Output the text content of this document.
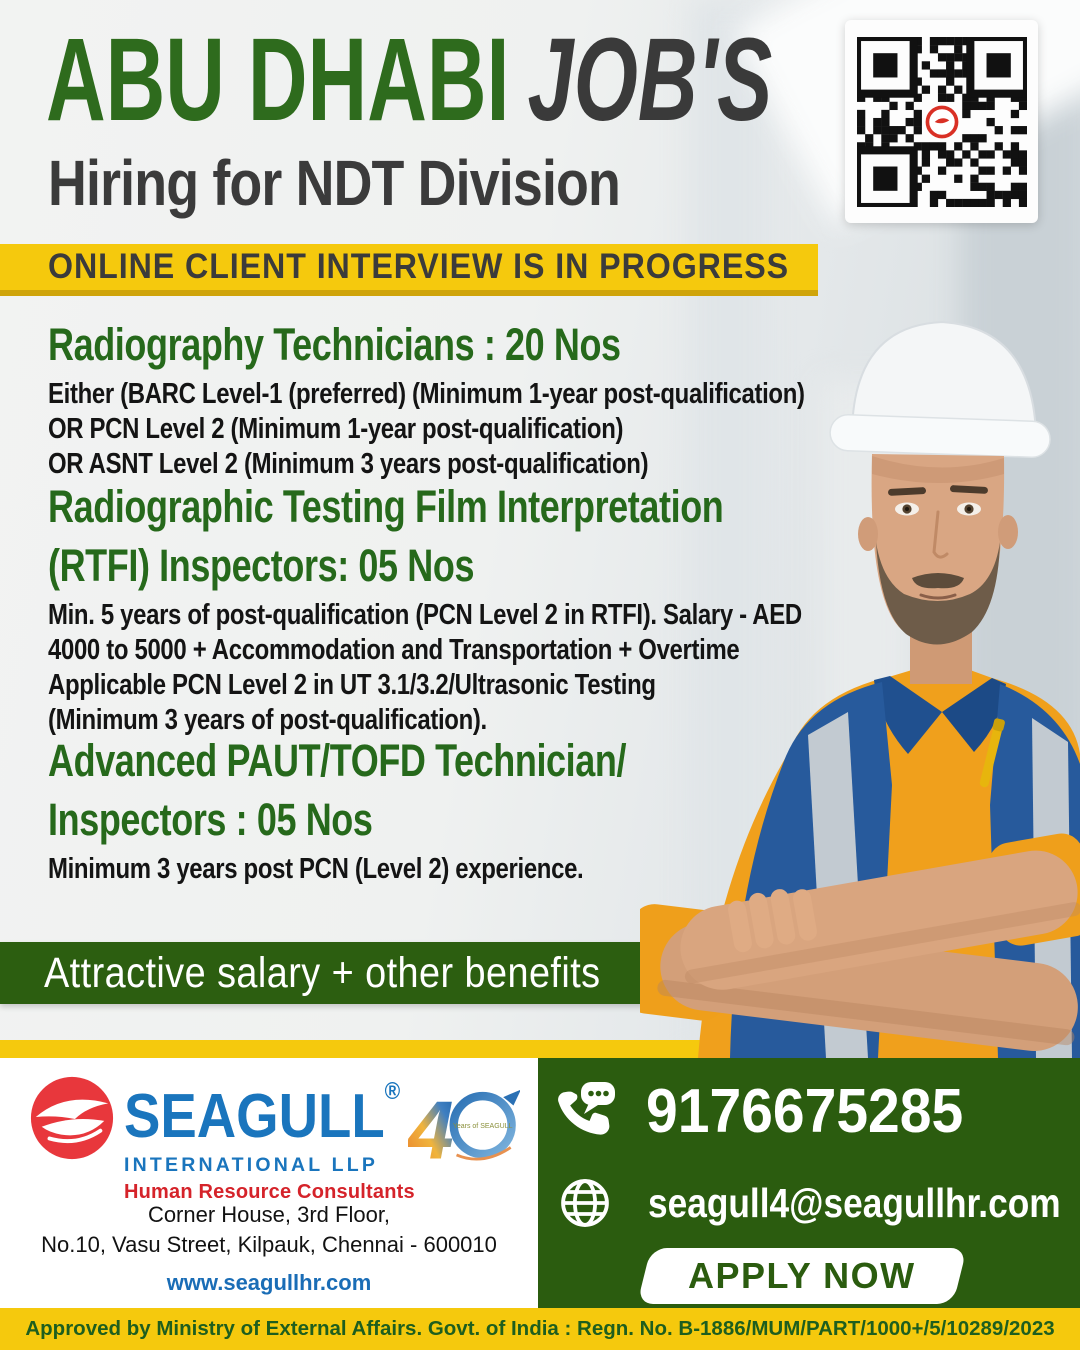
ABU DHABI JOB'S
Hiring for NDT Division
ONLINE CLIENT INTERVIEW IS IN PROGRESS
Radiography Technicians : 20 Nos
Either (BARC Level-1 (preferred) (Minimum 1-year post-qualification)
OR PCN Level 2 (Minimum 1-year post-qualification)
OR ASNT Level 2 (Minimum 3 years post-qualification)
Radiographic Testing Film Interpretation
(RTFI) Inspectors: 05 Nos
Min. 5 years of post-qualification (PCN Level 2 in RTFI). Salary - AED
4000 to 5000 + Accommodation and Transportation + Overtime
Applicable PCN Level 2 in UT 3.1/3.2/Ultrasonic Testing
(Minimum 3 years of post-qualification).
Advanced PAUT/TOFD Technician/
Inspectors : 05 Nos
Minimum 3 years post PCN (Level 2) experience.
Attractive salary + other benefits
SEAGULL®
INTERNATIONAL LLP
Human Resource Consultants
4 Years of SEAGULL
Corner House, 3rd Floor,
No.10, Vasu Street, Kilpauk, Chennai - 600010
www.seagullhr.com
9176675285
seagull4@seagullhr.com
APPLY NOW
Approved by Ministry of External Affairs. Govt. of India : Regn. No. B-1886/MUM/PART/1000+/5/10289/2023
